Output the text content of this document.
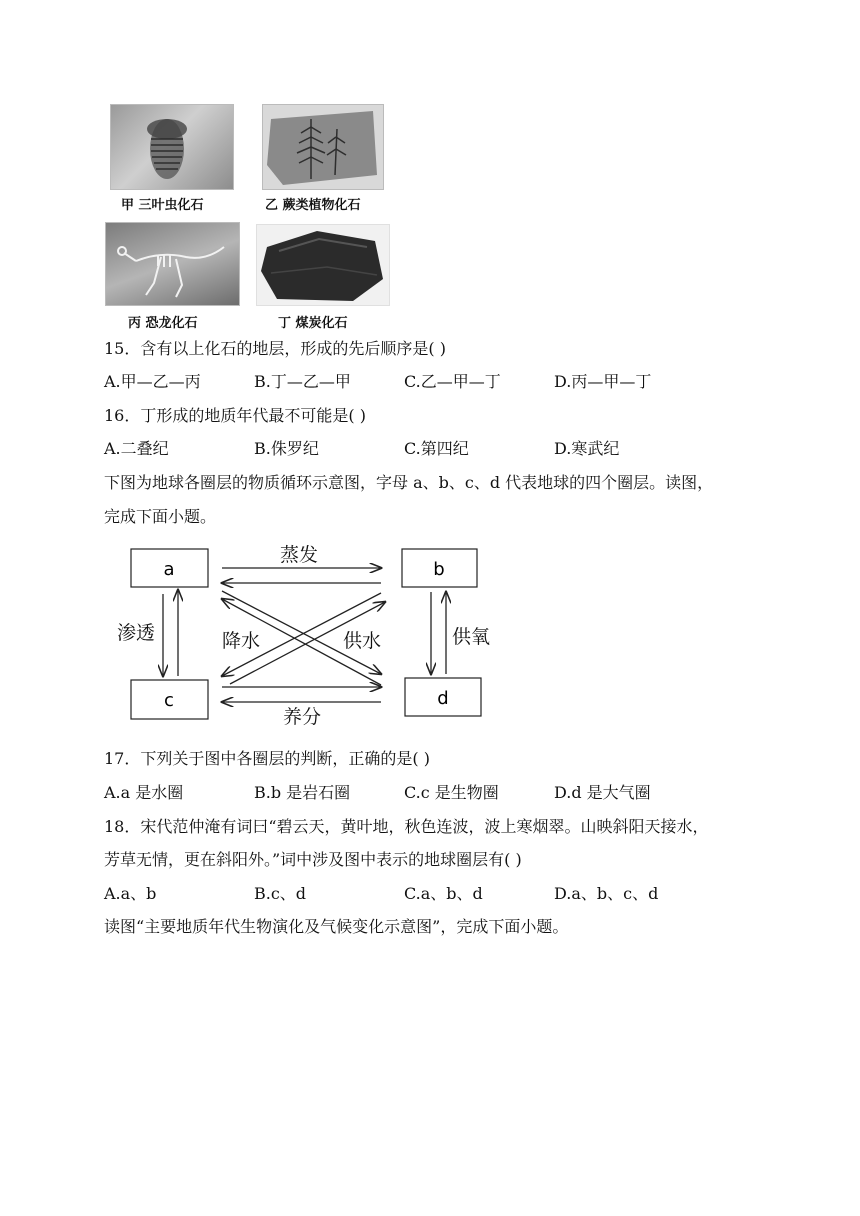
甲 三叶虫化石	乙 蕨类植物化石
丙 恐龙化石	丁 煤炭化石
15．含有以上化石的地层，形成的先后顺序是( )
A.甲—乙—丙	B.丁—乙—甲	C.乙—甲—丁	D.丙—甲—丁
16．丁形成的地质年代最不可能是( )
A.二叠纪	B.侏罗纪	C.第四纪	D.寒武纪
下图为地球各圈层的物质循环示意图，字母 a、b、c、d 代表地球的四个圈层。读图，
完成下面小题。
a	b
c	d
蒸发
渗透	降水	供水	供氧
养分
17．下列关于图中各圈层的判断，正确的是( )
A.a 是水圈	B.b 是岩石圈	C.c 是生物圈	D.d 是大气圈
18．宋代范仲淹有词曰“碧云天，黄叶地，秋色连波，波上寒烟翠。山映斜阳天接水，
芳草无情，更在斜阳外。”词中涉及图中表示的地球圈层有( )
A.a、b	B.c、d	C.a、b、d	D.a、b、c、d
读图“主要地质年代生物演化及气候变化示意图”，完成下面小题。
